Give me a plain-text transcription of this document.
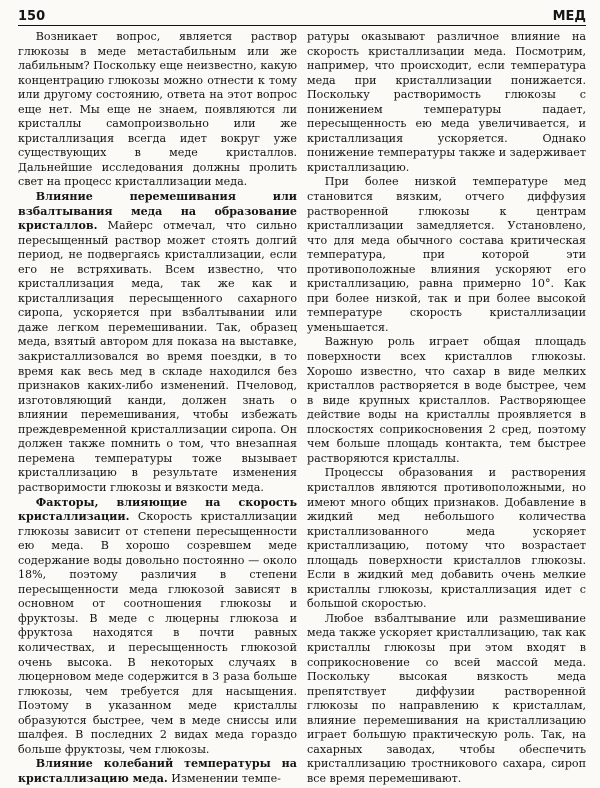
150	МЕД

Возникает вопрос, является раствор глюкозы в меде метастабильным или же лабильным? Поскольку еще неизвестно, какую концентрацию глюкозы можно отнести к тому или другому состоянию, ответа на этот вопрос еще нет. Мы еще не знаем, появляются ли кристаллы самопроизвольно или же кристаллизация всегда идет вокруг уже существующих в меде кристаллов. Дальнейшие исследования должны пролить свет на процесс кристаллизации меда.

Влияние перемешивания или взбалтывания меда на образование кристаллов. Майерс отмечал, что сильно пересыщенный раствор может стоять долгий период, не подвергаясь кристаллизации, если его не встряхивать. Всем известно, что кристаллизация меда, так же как и кристаллизация пересыщенного сахарного сиропа, ускоряется при взбалтывании или даже легком перемешивании. Так, образец меда, взятый автором для показа на выставке, закристаллизовался во время поездки, в то время как весь мед в складе находился без признаков каких-либо изменений. Пчеловод, изготовляющий канди, должен знать о влиянии перемешивания, чтобы избежать преждевременной кристаллизации сиропа. Он должен также помнить о том, что внезапная перемена температуры тоже вызывает кристаллизацию в результате изменения растворимости глюкозы и вязкости меда.

Факторы, влияющие на скорость кристаллизации. Скорость кристаллизации глюкозы зависит от степени пересыщенности ею меда. В хорошо созревшем меде содержание воды довольно постоянно — около 18%, поэтому различия в степени пересыщенности меда глюкозой зависят в основном от соотношения глюкозы и фруктозы. В меде с люцерны глюкоза и фруктоза находятся в почти равных количествах, и пересыщенность глюкозой очень высока. В некоторых случаях в люцерновом меде содержится в 3 раза больше глюкозы, чем требуется для насыщения. Поэтому в указанном меде кристаллы образуются быстрее, чем в меде сниссы или шалфея. В последних 2 видах меда гораздо больше фруктозы, чем глюкозы.

Влияние колебаний температуры на кристаллизацию меда. Изменении темпе-

ратуры оказывают различное влияние на скорость кристаллизации меда. Посмотрим, например, что происходит, если температура меда при кристаллизации понижается. Поскольку растворимость глюкозы с понижением температуры падает, пересыщенность ею меда увеличивается, и кристаллизация ускоряется. Однако понижение температуры также и задерживает кристаллизацию.

При более низкой температуре мед становится вязким, отчего диффузия растворенной глюкозы к центрам кристаллизации замедляется. Установлено, что для меда обычного состава критическая температура, при которой эти противоположные влияния ускоряют его кристаллизацию, равна примерно 10°. Как при более низкой, так и при более высокой температуре скорость кристаллизации уменьшается.

Важную роль играет общая площадь поверхности всех кристаллов глюкозы. Хорошо известно, что сахар в виде мелких кристаллов растворяется в воде быстрее, чем в виде крупных кристаллов. Растворяющее действие воды на кристаллы проявляется в плоскостях соприкосновения 2 сред, поэтому чем больше площадь контакта, тем быстрее растворяются кристаллы.

Процессы образования и растворения кристаллов являются противоположными, но имеют много общих признаков. Добавление в жидкий мед небольшого количества кристаллизованного меда ускоряет кристаллизацию, потому что возрастает площадь поверхности кристаллов глюкозы. Если в жидкий мед добавить очень мелкие кристаллы глюкозы, кристаллизация идет с большой скоростью.

Любое взбалтывание или размешивание меда также ускоряет кристаллизацию, так как кристаллы глюкозы при этом входят в соприкосновение со всей массой меда. Поскольку высокая вязкость меда препятствует диффузии растворенной глюкозы по направлению к кристаллам, влияние перемешивания на кристаллизацию играет большую практическую роль. Так, на сахарных заводах, чтобы обеспечить кристаллизацию тростникового сахара, сироп все время перемешивают.
